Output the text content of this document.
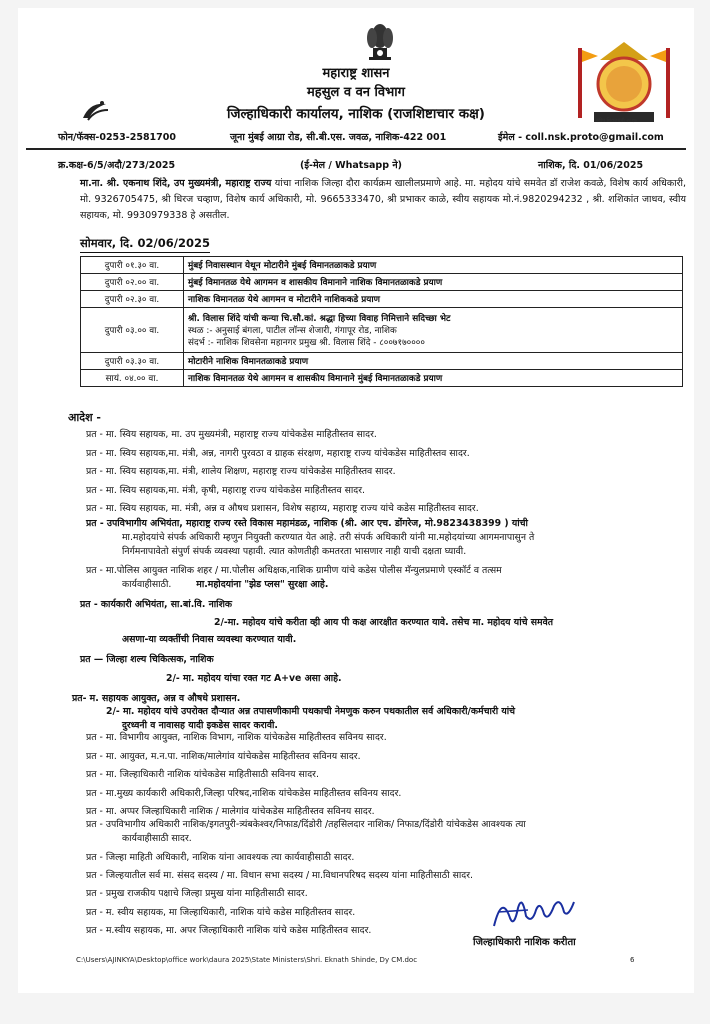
महाराष्ट्र शासन
महसुल व वन विभाग
जिल्हाधिकारी कार्यालय, नाशिक (राजशिष्टाचार कक्ष)	स्वीप शिवजयंती २०१७
फोन/फॅक्स-0253-2581700	जूना मुंबई आग्रा रोड, सी.बी.एस. जवळ, नाशिक-422 001	ईमेल - coll.nsk.proto@gmail.com
क्र.कक्ष-6/5/अदौ/273/2025	(ई-मेल / Whatsapp ने)	नाशिक, दि. 01/06/2025
मा.ना. श्री. एकनाथ शिंदे, उप मुख्यमंत्री, महाराष्ट्र राज्य यांचा नाशिक जिल्हा दौरा कार्यक्रम खालीलप्रमाणे आहे. मा. महोदय यांचे समवेत डॉ राजेश कवळे, विशेष कार्य अधिकारी, मो. 9326705475, श्री धिरज चव्हाण, विशेष कार्य अधिकारी, मो. 9665333470, श्री प्रभाकर काळे, स्वीय सहायक मो.नं.9820294232 , श्री. शशिकांत जाधव, स्वीय सहायक, मो. 9930979338 हे असतील.
सोमवार, दि. 02/06/2025
दुपारी ०१.३० वा.	मुंबई निवासस्थान येथून मोटारीने मुंबई विमानतळाकडे प्रयाण
दुपारी ०२.०० वा.	मुंबई विमानतळ येथे आगमन व शासकीय विमानाने नाशिक विमानतळाकडे प्रयाण
दुपारी ०२.३० वा.	नाशिक विमानतळ येथे आगमन व मोटारीने नाशिककडे प्रयाण
दुपारी ०३.०० वा.	श्री. विलास शिंदे यांची कन्या चि.सौ.कां. श्रद्धा हिच्या विवाह निमित्ताने सदिच्छा भेट
स्थळ :- अनुसाई बंगला, पाटील लॉन्स शेजारी, गंगापूर रोड, नाशिक
संदर्भ :- नाशिक शिवसेना महानगर प्रमुख श्री. विलास शिंदे - ८००७१७००००

दुपारी ०३.३० वा.	मोटारीने नाशिक विमानतळाकडे प्रयाण
सायं. ०४.०० वा.	नाशिक विमानतळ येथे आगमन व शासकीय विमानाने मुंबई विमानतळाकडे प्रयाण
आदेश -
प्रत - मा. स्विय सहायक, मा. उप मुख्यमंत्री, महाराष्ट्र राज्य यांचेकडेस माहितीस्तव सादर.
प्रत - मा. स्विय सहायक,मा. मंत्री, अन्न, नागरी पुरवठा व ग्राहक संरक्षण, महाराष्ट्र राज्य यांचेकडेस माहितीस्तव सादर.
प्रत - मा. स्विय सहायक,मा. मंत्री, शालेय शिक्षण, महाराष्ट्र राज्य यांचेकडेस माहितीस्तव सादर.
प्रत - मा. स्विय सहायक,मा. मंत्री, कृषी, महाराष्ट्र राज्य यांचेकडेस माहितीस्तव सादर.
प्रत - मा. स्विय सहायक, मा. मंत्री, अन्न व औषध प्रशासन, विशेष सहाय्य, महाराष्ट्र राज्य यांचे कडेस माहितीस्तव सादर.
प्रत - उपविभागीय अभियंता, महाराष्ट्र राज्य रस्ते विकास महामंडळ, नाशिक (श्री. आर एच. डोंगरेज, मो.9823438399 ) यांची
मा.महोदयांचे संपर्क अधिकारी म्हणुन नियुक्ती करण्यात येत आहे. तरी संपर्क अधिकारी यांनी मा.महोदयांच्या आगमनापासुन ते
निर्गमनापावेतो संपुर्ण संपर्क व्यवस्था पहावी. त्यात कोणतीही कमतरता भासणार नाही याची दक्षता घ्यावी.
प्रत - मा.पोलिस आयुक्त नाशिक शहर / मा.पोलीस अधिक्षक,नाशिक ग्रामीण यांचे कडेस पोलीस मॅन्युलप्रमाणे एस्कॉर्ट व तत्सम
कार्यवाहीसाठी.	मा.महोदयांना "झेड प्लस" सुरक्षा आहे.
प्रत - कार्यकारी अभियंता, सा.बां.वि. नाशिक
2/-मा. महोदय यांचे करीता व्ही आय पी कक्ष आरक्षीत करण्यात यावे. तसेच मा. महोदय यांचे समवेत
असणा-या व्यक्तींची निवास व्यवस्था करण्यात यावी.
प्रत — जिल्हा शल्य चिकित्सक, नाशिक
2/- मा. महोदय यांचा रक्त गट A+ve असा आहे.
प्रत- म. सहायक आयुक्त, अन्न व औषधे प्रशासन.
2/- मा. महोदय यांचे उपरोक्त दौऱ्यात अन्न तपासणीकामी पथकाची नेमणुक करुन पथकातील सर्व अधिकारी/कर्मचारी यांचे
दुरध्वनी व नावासह यादी इकडेस सादर करावी.
प्रत - मा. विभागीय आयुक्त, नाशिक विभाग, नाशिक यांचेकडेस माहितीस्तव सविनय सादर.
प्रत - मा. आयुक्त, म.न.पा. नाशिक/मालेगांव यांचेकडेस माहितीस्तव सविनय सादर.
प्रत - मा. जिल्हाधिकारी नाशिक यांचेकडेस माहितीसाठी सविनय सादर.
प्रत - मा.मुख्य कार्यकारी अधिकारी,जिल्हा परिषद,नाशिक यांचेकडेस माहितीस्तव सविनय सादर.
प्रत - मा. अप्पर जिल्हाधिकारी नाशिक / मालेगांव यांचेकडेस माहितीस्तव सविनय सादर.
प्रत - उपविभागीय अधिकारी नाशिक/इगतपुरी-त्र्यंबकेश्वर/निफाड/दिंडोरी /तहसिलदार नाशिक/ निफाड/दिंडोरी यांचेकडेस आवश्यक त्या
कार्यवाहीसाठी सादर.
प्रत - जिल्हा माहिती अधिकारी, नाशिक यांना आवश्यक त्या कार्यवाहीसाठी सादर.
प्रत - जिल्हयातील सर्व मा. संसद सदस्य / मा. विधान सभा सदस्य / मा.विधानपरिषद सदस्य यांना माहितीसाठी सादर.
प्रत - प्रमुख राजकीय पक्षाचे जिल्हा प्रमुख यांना माहितीसाठी सादर.
प्रत - म. स्वीय सहायक, मा जिल्हाधिकारी, नाशिक यांचे कडेस माहितीस्तव सादर.
प्रत - म.स्वीय सहायक, मा. अपर जिल्हाधिकारी नाशिक यांचे कडेस माहितीस्तव सादर.
जिल्हाधिकारी नाशिक करीता
C:\Users\AJINKYA\Desktop\office work\daura 2025\State Ministers\Shri. Eknath Shinde, Dy CM.doc	6
